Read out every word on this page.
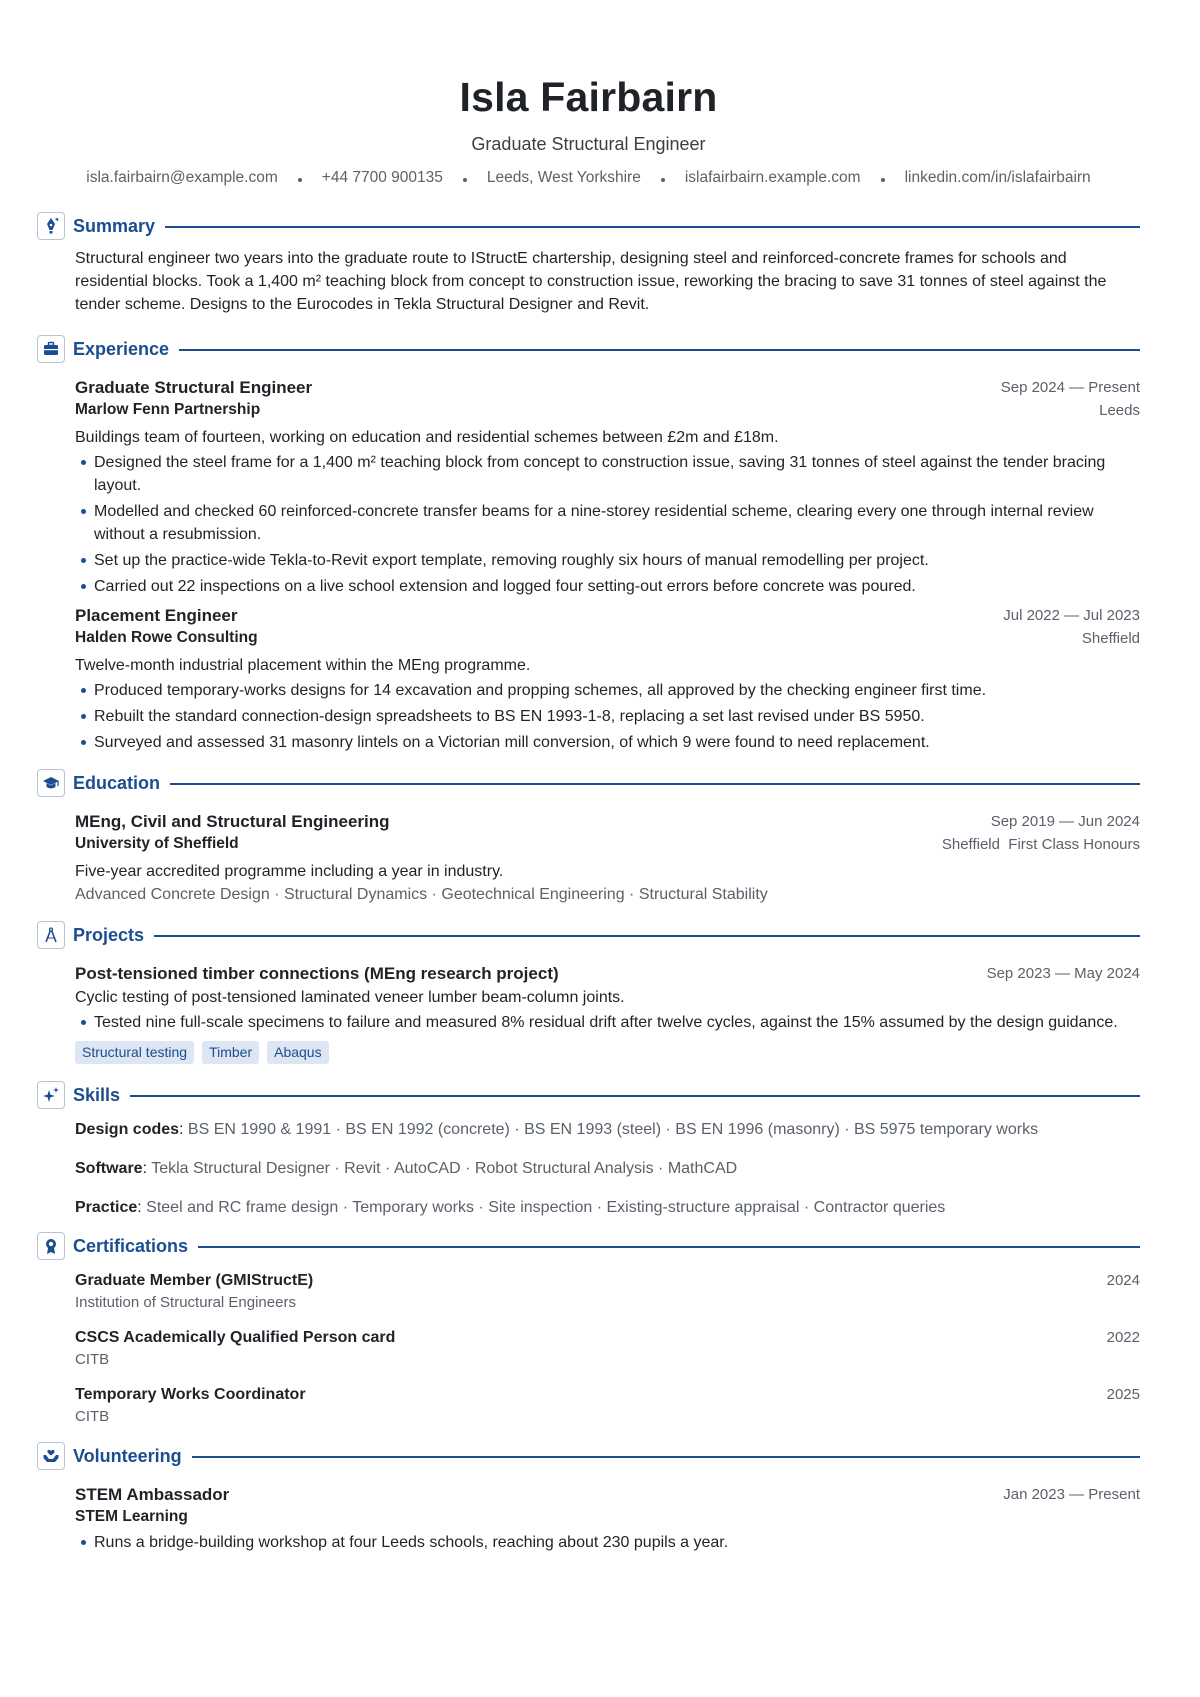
Isla Fairbairn
Graduate Structural Engineer
isla.fairbairn@example.com	+44 7700 900135	Leeds, West Yorkshire	islafairbairn.example.com	linkedin.com/in/islafairbairn
Summary
Structural engineer two years into the graduate route to IStructE chartership, designing steel and reinforced-concrete frames for schools and residential blocks. Took a 1,400 m² teaching block from concept to construction issue, reworking the bracing to save 31 tonnes of steel against the tender scheme. Designs to the Eurocodes in Tekla Structural Designer and Revit.
Experience
Graduate Structural Engineer
Marlow Fenn Partnership
Sep 2024 — Present
Leeds
Buildings team of fourteen, working on education and residential schemes between £2m and £18m.
Designed the steel frame for a 1,400 m² teaching block from concept to construction issue, saving 31 tonnes of steel against the tender bracing layout.
Modelled and checked 60 reinforced-concrete transfer beams for a nine-storey residential scheme, clearing every one through internal review without a resubmission.
Set up the practice-wide Tekla-to-Revit export template, removing roughly six hours of manual remodelling per project.
Carried out 22 inspections on a live school extension and logged four setting-out errors before concrete was poured.
Placement Engineer
Halden Rowe Consulting
Jul 2022 — Jul 2023
Sheffield
Twelve-month industrial placement within the MEng programme.
Produced temporary-works designs for 14 excavation and propping schemes, all approved by the checking engineer first time.
Rebuilt the standard connection-design spreadsheets to BS EN 1993-1-8, replacing a set last revised under BS 5950.
Surveyed and assessed 31 masonry lintels on a Victorian mill conversion, of which 9 were found to need replacement.
Education
MEng, Civil and Structural Engineering
University of Sheffield
Sep 2019 — Jun 2024
Sheffield  First Class Honours
Five-year accredited programme including a year in industry.
Advanced Concrete Design · Structural Dynamics · Geotechnical Engineering · Structural Stability
Projects
Post-tensioned timber connections (MEng research project)	Sep 2023 — May 2024
Cyclic testing of post-tensioned laminated veneer lumber beam-column joints.
Tested nine full-scale specimens to failure and measured 8% residual drift after twelve cycles, against the 15% assumed by the design guidance.
Structural testing	Timber	Abaqus
Skills
Design codes: BS EN 1990 & 1991 · BS EN 1992 (concrete) · BS EN 1993 (steel) · BS EN 1996 (masonry) · BS 5975 temporary works
Software: Tekla Structural Designer · Revit · AutoCAD · Robot Structural Analysis · MathCAD
Practice: Steel and RC frame design · Temporary works · Site inspection · Existing-structure appraisal · Contractor queries
Certifications
Graduate Member (GMIStructE)
Institution of Structural Engineers
2024
CSCS Academically Qualified Person card
CITB
2022
Temporary Works Coordinator
CITB
2025
Volunteering
STEM Ambassador
STEM Learning
Jan 2023 — Present
Runs a bridge-building workshop at four Leeds schools, reaching about 230 pupils a year.
